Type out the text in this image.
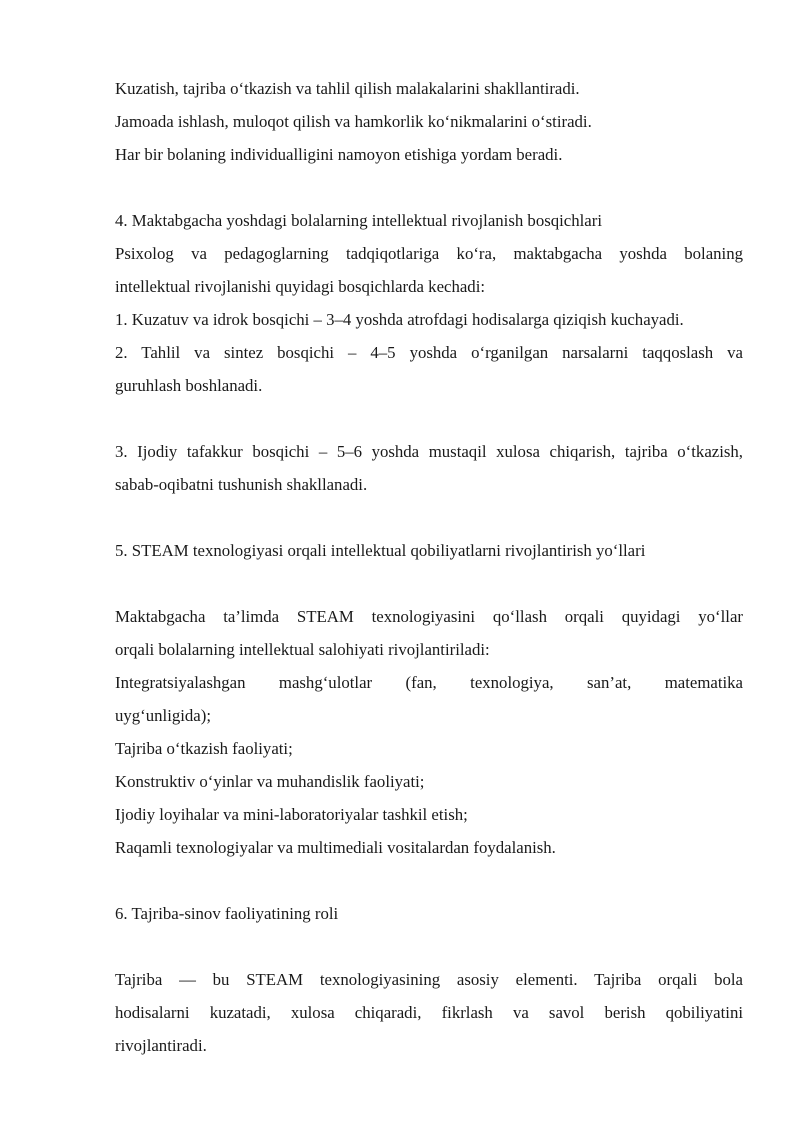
Kuzatish, tajriba o‘tkazish va tahlil qilish malakalarini shakllantiradi.
Jamoada ishlash, muloqot qilish va hamkorlik ko‘nikmalarini o‘stiradi.
Har bir bolaning individualligini namoyon etishiga yordam beradi.
4. Maktabgacha yoshdagi bolalarning intellektual rivojlanish bosqichlari
Psixolog va pedagoglarning tadqiqotlariga ko‘ra, maktabgacha yoshda bolaning
intellektual rivojlanishi quyidagi bosqichlarda kechadi:
1. Kuzatuv va idrok bosqichi – 3–4 yoshda atrofdagi hodisalarga qiziqish kuchayadi.
2. Tahlil va sintez bosqichi – 4–5 yoshda o‘rganilgan narsalarni taqqoslash va
guruhlash boshlanadi.
3. Ijodiy tafakkur bosqichi – 5–6 yoshda mustaqil xulosa chiqarish, tajriba o‘tkazish,
sabab-oqibatni tushunish shakllanadi.
5. STEAM texnologiyasi orqali intellektual qobiliyatlarni rivojlantirish yo‘llari
Maktabgacha ta’limda STEAM texnologiyasini qo‘llash orqali quyidagi yo‘llar
orqali bolalarning intellektual salohiyati rivojlantiriladi:
Integratsiyalashgan mashg‘ulotlar (fan, texnologiya, san’at, matematika
uyg‘unligida);
Tajriba o‘tkazish faoliyati;
Konstruktiv o‘yinlar va muhandislik faoliyati;
Ijodiy loyihalar va mini-laboratoriyalar tashkil etish;
Raqamli texnologiyalar va multimediali vositalardan foydalanish.
6. Tajriba-sinov faoliyatining roli
Tajriba — bu STEAM texnologiyasining asosiy elementi. Tajriba orqali bola
hodisalarni kuzatadi, xulosa chiqaradi, fikrlash va savol berish qobiliyatini
rivojlantiradi.
